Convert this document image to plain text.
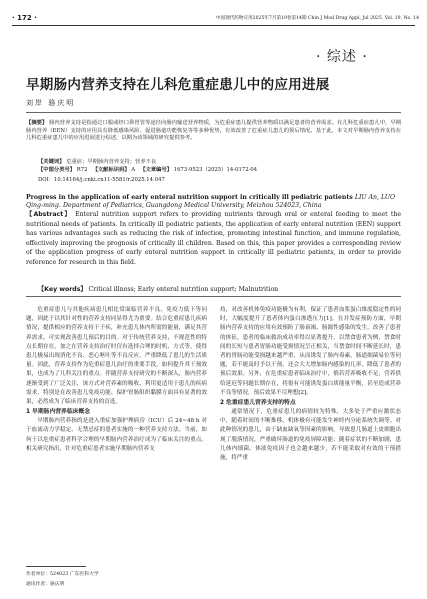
· 172 ·	中国现代药物应用2025年7月第19卷第14期 Chin J Mod Drug Appl, Jul 2025, Vol. 19, No. 14
· 综述 ·
早期肠内营养支持在儿科危重症患儿中的应用进展
刘岸 骆庆明
【摘要】 肠内营养支持是指通过口服或经口鼻胃管等途径向肠内输送营养物质，为危重症患儿提供营养物质以满足患者的营养需求。在儿科危重症患儿中，早期肠内营养（EEN）支持的应用具有降低感染风险、促进肠道功能恢复等等多种优势，有效改善了危重症儿患儿的预后情况。基于此，本文对早期肠内营养支持在儿科危重症患儿中的应用进展进行综述，以期为该领域的研究提供参考。
【关键词】 危重症；早期肠内营养支持；营养不良
【中图分类号】 R72 【文献标识码】 A 【文章编号】 1673-9523（2025）14-0172-04
DOI：10.14164/j.cnki.cn11-5581/r.2025.14.047
Progress in the application of early enteral nutrition support in critically ill pediatric patients LIU An, LUO Qing-ming. Department of Pediatrics, Guangdong Medical University, Meizhou 524023, China
【Abstract】 Enteral nutrition support refers to providing nutrients through oral or enteral feeding to meet the nutritional needs of patients. In critically ill pediatric patients, the application of early enteral nutrition (EEN) support has various advantages such as reducing the risk of infection, promoting intestinal function, and immune regulation, effectively improving the prognosis of critically ill children. Based on this, this paper provides a corresponding review of the application progress of early enteral nutrition support in critically ill pediatric patients, in order to provide reference for research in this field.
【Key words】 Critical illness; Early enteral nutrition support; Malnutrition

危重症患儿与其他疾病患儿相比常面临营养不良、免疫力低下等问题，因此于以其针对性的营养支持同显得尤为重要。结合危重症患儿疾病情况，提供相应的营养支持于于疾，补充患儿体内所需的能量，满足其营养需求，可实现改善患儿预后的目的。对于传统营养支持，不规范性的特点长期存在，加之在营养支持治疗时仅有选择合理的时机、方式等，使得患儿极易出现消化不良、恶心呕吐等不良反应，严重降低了患儿的生活质量。因此，营养支持作为危重症患儿治疗的重要手段，如何提升其干预效果，也成为了儿科关注的重点。伴随营养支持研究的不断深入，肠内营养逐渐受到了广泛关注，该方式对营养素的吸收、利用更适用于患儿的疾病需求，特别是在改善患儿免疫功能、保护胃肠组织黏膜方面具有显著的效果，必然成为了临床营养支持的首选。

1 早期肠内营养临床概念

早期肠内营养指的是进入重症加强护理病房（ICU）后 24~48 h 对于血流动力学稳定、无禁忌症的患者实施的一种营养支持方法。当前，如何于以危重症患者科学合理的早期肠内营养治疗成为了临床关注的重点。相关研究指出，针对危重症患者实施早期肠内营养支

持，对改善机体免疫功能极为有利，保证了患者血浆蛋白维度稳定性的同时，大幅度提升了患者体内蛋白渗透压力[1]。在并发症预防方面，早期肠内营养支持的应用有效预防了肠衰竭、肠源性感染的发生，改善了患者的体征，患者的临床救治成功率得以显著提升。以禁食患者为例，禁食时间的长短与患者胃肠功能受损情况呈正相关，当禁食时间不断延长时，患者的胃肠功能受损越来越严重，从而诱发了肠内毒素、肠道细菌易位等问题，若不能及时予以干预，还会大大增加肠内感染的几率，降低了患者的预后效果。另外，在危重症患者临床治疗中，倘若营养吸收不足，营养供给延迟等问题长期存在，将很有可能诱发蛋白质能量平衡，甚至造成营养不良等情况，预后效果不尽理想[2]。

2 危重症患儿营养支持的特点

通常情况下，危重症患儿的病情较为特殊，大多处于严重应激状态中，随着时间的不断推移，机体极有可能发生神经内分泌系统失调等。对此种情况的患儿，由于缺血缺氧等因素的影响，导致患儿肠道上皮细胞出现了脱落情况，严重破坏肠道的免疫屏障功能；随着症状的不断加剧，患儿体内细菌、体液免疫因子也会越来越少，若不能采取对有效的干预措施，将严重

作者单位：524023 广东医科大学
通讯作者：骆庆明
